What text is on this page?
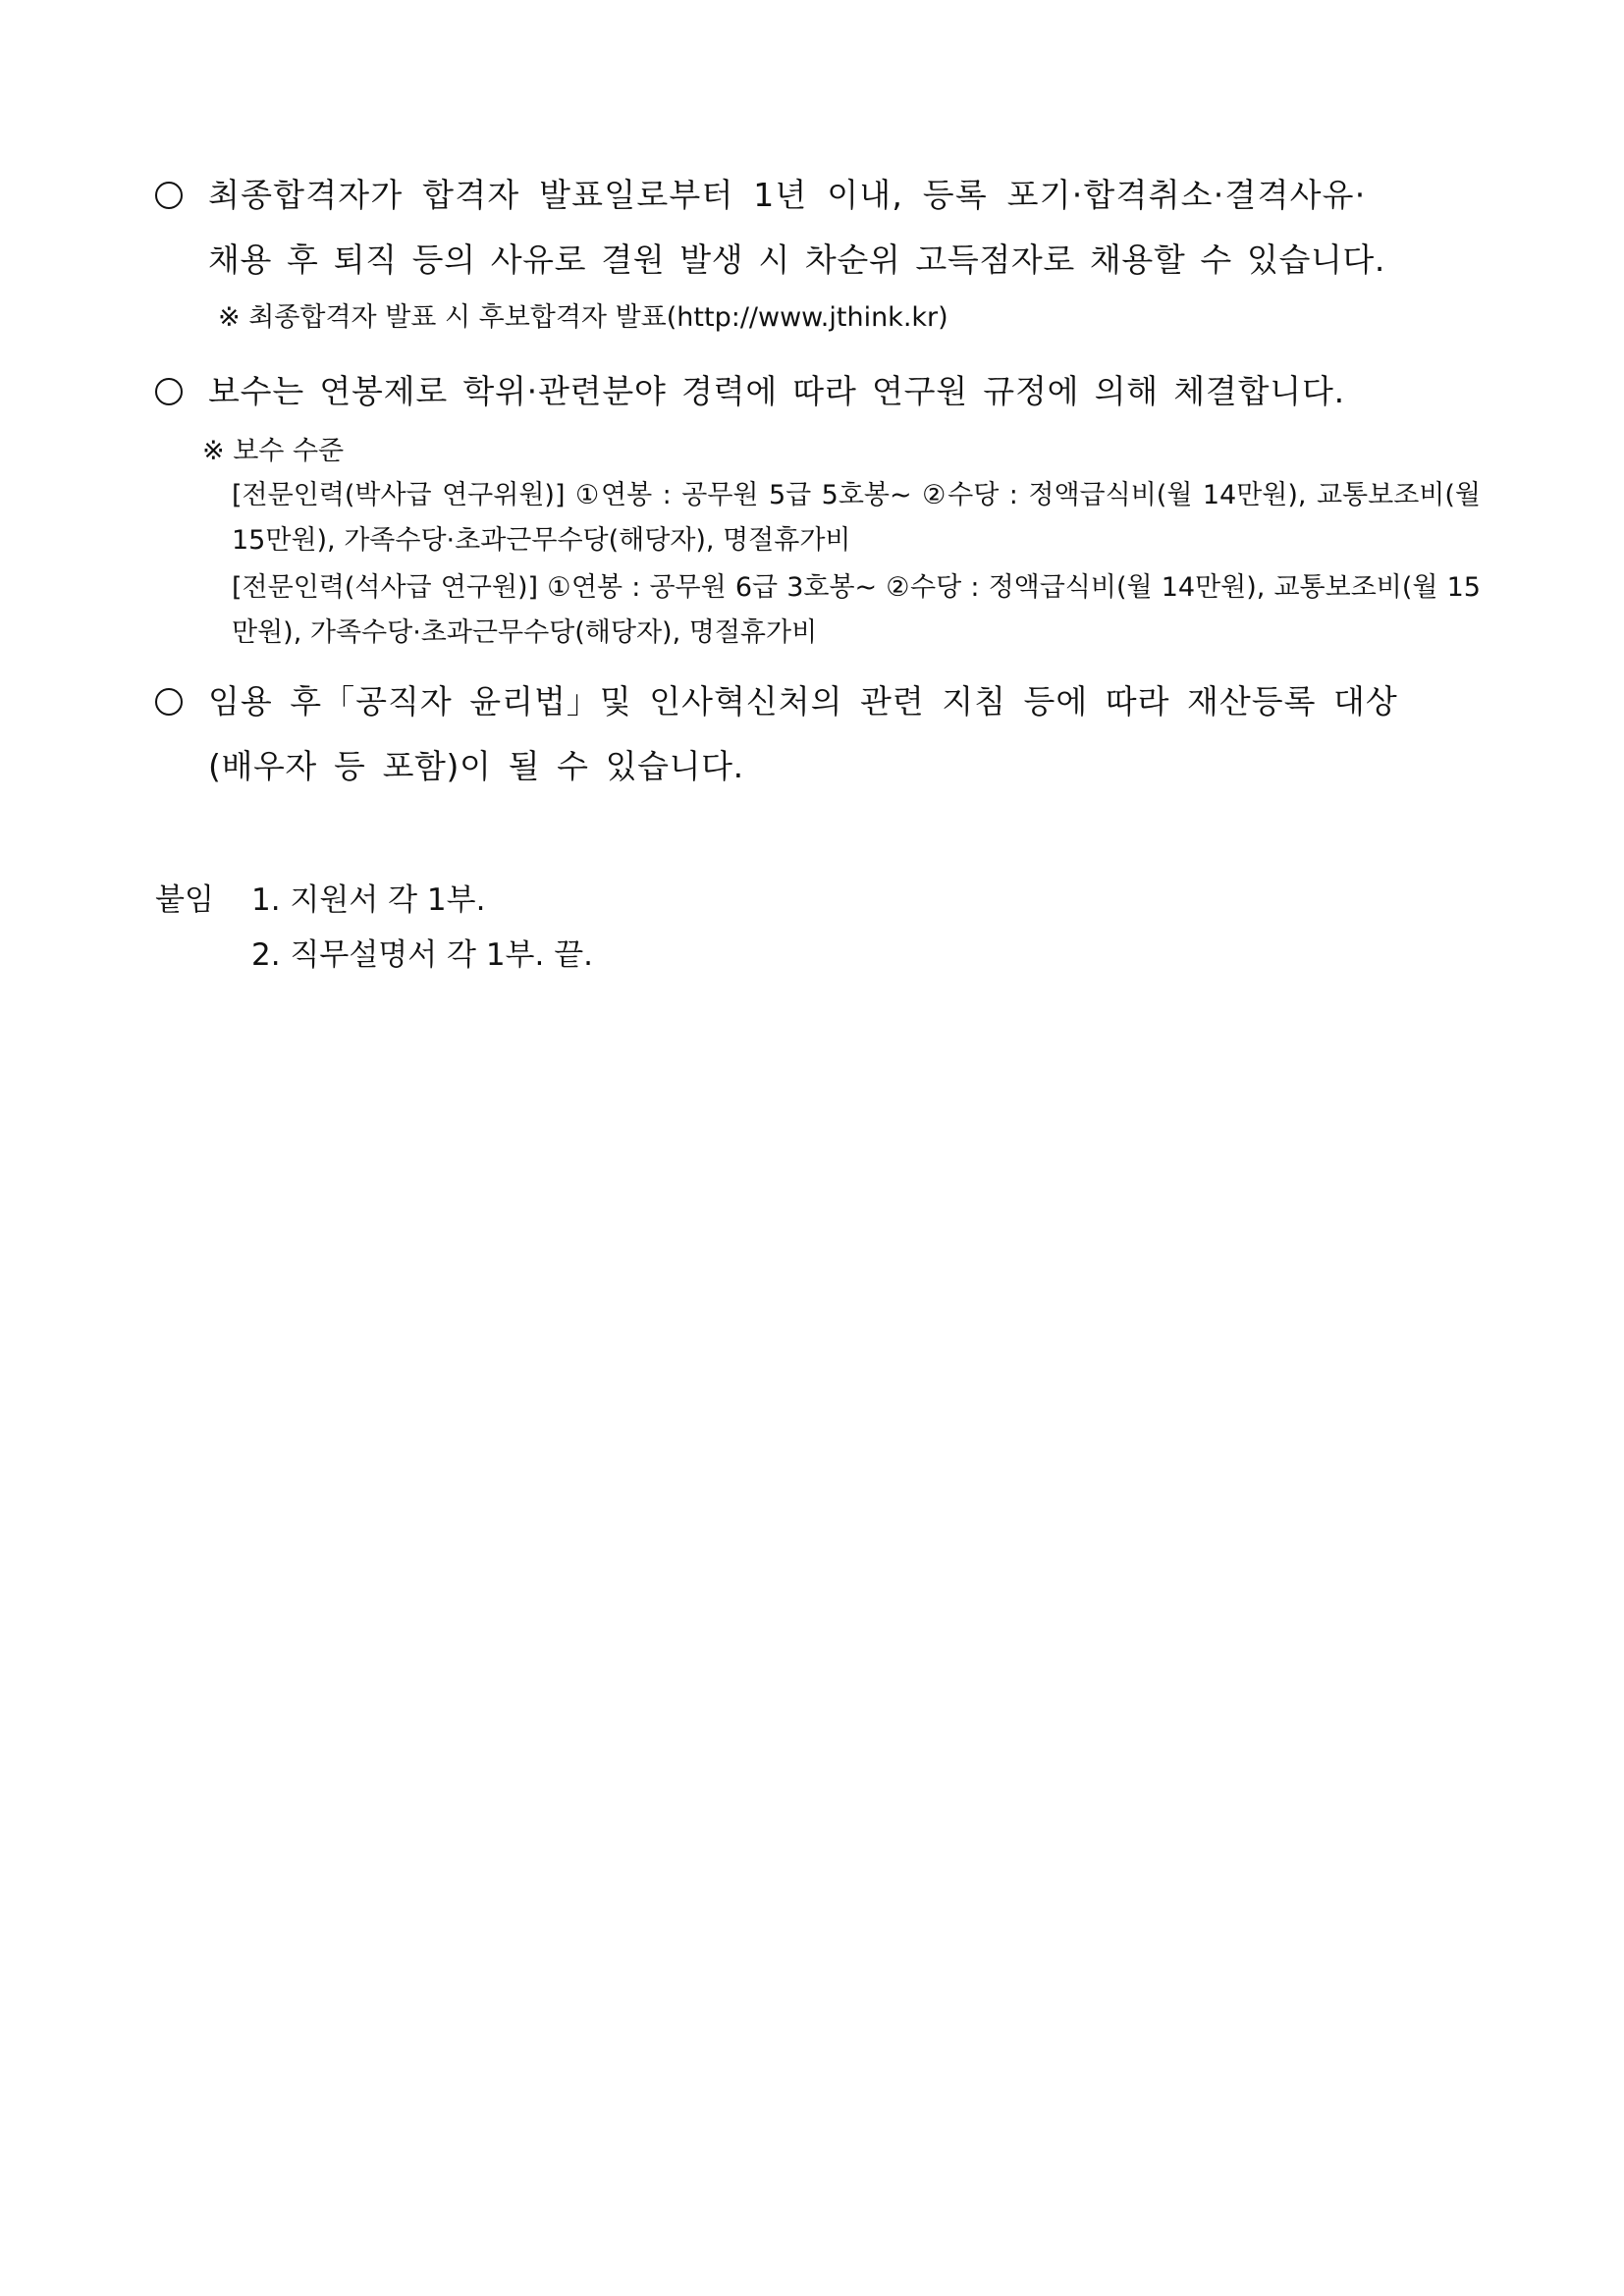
최종합격자가 합격자 발표일로부터 1년 이내, 등록 포기·합격취소·결격사유·
채용 후 퇴직 등의 사유로 결원 발생 시 차순위 고득점자로 채용할 수 있습니다.
※ 최종합격자 발표 시 후보합격자 발표(http://www.jthink.kr)
보수는 연봉제로 학위·관련분야 경력에 따라 연구원 규정에 의해 체결합니다.
※ 보수 수준
[전문인력(박사급 연구위원)] ①연봉 : 공무원 5급 5호봉~ ②수당 : 정액급식비(월 14만원), 교통보조비(월 15만원), 가족수당·초과근무수당(해당자), 명절휴가비
[전문인력(석사급 연구원)] ①연봉 : 공무원 6급 3호봉~ ②수당 : 정액급식비(월 14만원), 교통보조비(월 15만원), 가족수당·초과근무수당(해당자), 명절휴가비
임용 후「공직자 윤리법」및 인사혁신처의 관련 지침 등에 따라 재산등록 대상
(배우자 등 포함)이 될 수 있습니다.
붙임 1. 지원서 각 1부.
2. 직무설명서 각 1부. 끝.
